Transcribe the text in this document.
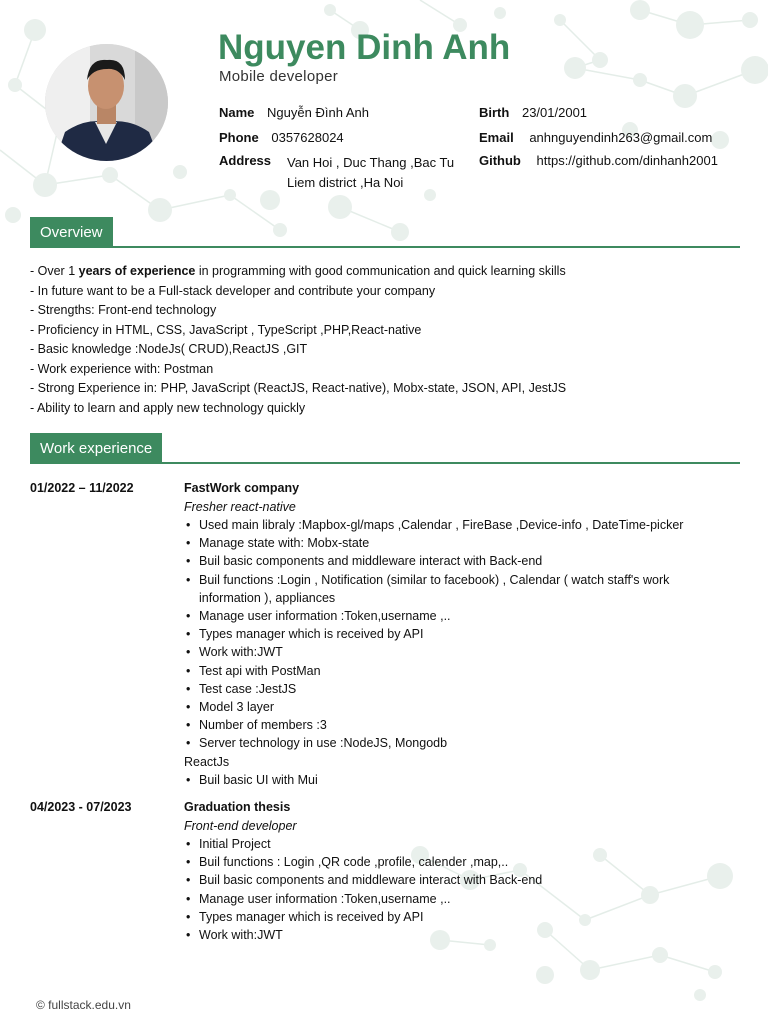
Nguyen Dinh Anh
Mobile developer
Name Nguyễn Đình Anh
Phone 0357628024
Address Van Hoi , Duc Thang ,Bac Tu
Liem district ,Ha Noi
Birth 23/01/2001
Email anhnguyendinh263@gmail.com
Github https://github.com/dinhanh2001
Overview
- Over 1 years of experience in programming with good communication and quick learning skills
- In future want to be a Full-stack developer and contribute your company
- Strengths: Front-end technology
- Proficiency in HTML, CSS, JavaScript , TypeScript ,PHP,React-native
- Basic knowledge :NodeJs( CRUD),ReactJS ,GIT
- Work experience with: Postman
- Strong Experience in: PHP, JavaScript (ReactJS, React-native), Mobx-state, JSON, API, JestJS
- Ability to learn and apply new technology quickly
Work experience
01/2022 – 11/2022	FastWork company
Fresher react-native
• Used main libraly :Mapbox-gl/maps ,Calendar , FireBase ,Device-info , DateTime-picker
• Manage state with: Mobx-state
• Buil basic components and middleware interact with Back-end
• Buil functions :Login , Notification (similar to facebook) , Calendar ( watch staff's work information ), appliances
• Manage user information :Token,username ,..
• Types manager which is received by API
• Work with:JWT
• Test api with PostMan
• Test case :JestJS
• Model 3 layer
• Number of members :3
• Server technology in use :NodeJS, Mongodb
ReactJs
• Buil basic UI with Mui
04/2023 - 07/2023	Graduation thesis
Front-end developer
• Initial Project
• Buil functions : Login ,QR code ,profile, calender ,map,..
• Buil basic components and middleware interact with Back-end
• Manage user information :Token,username ,..
• Types manager which is received by API
• Work with:JWT
© fullstack.edu.vn
